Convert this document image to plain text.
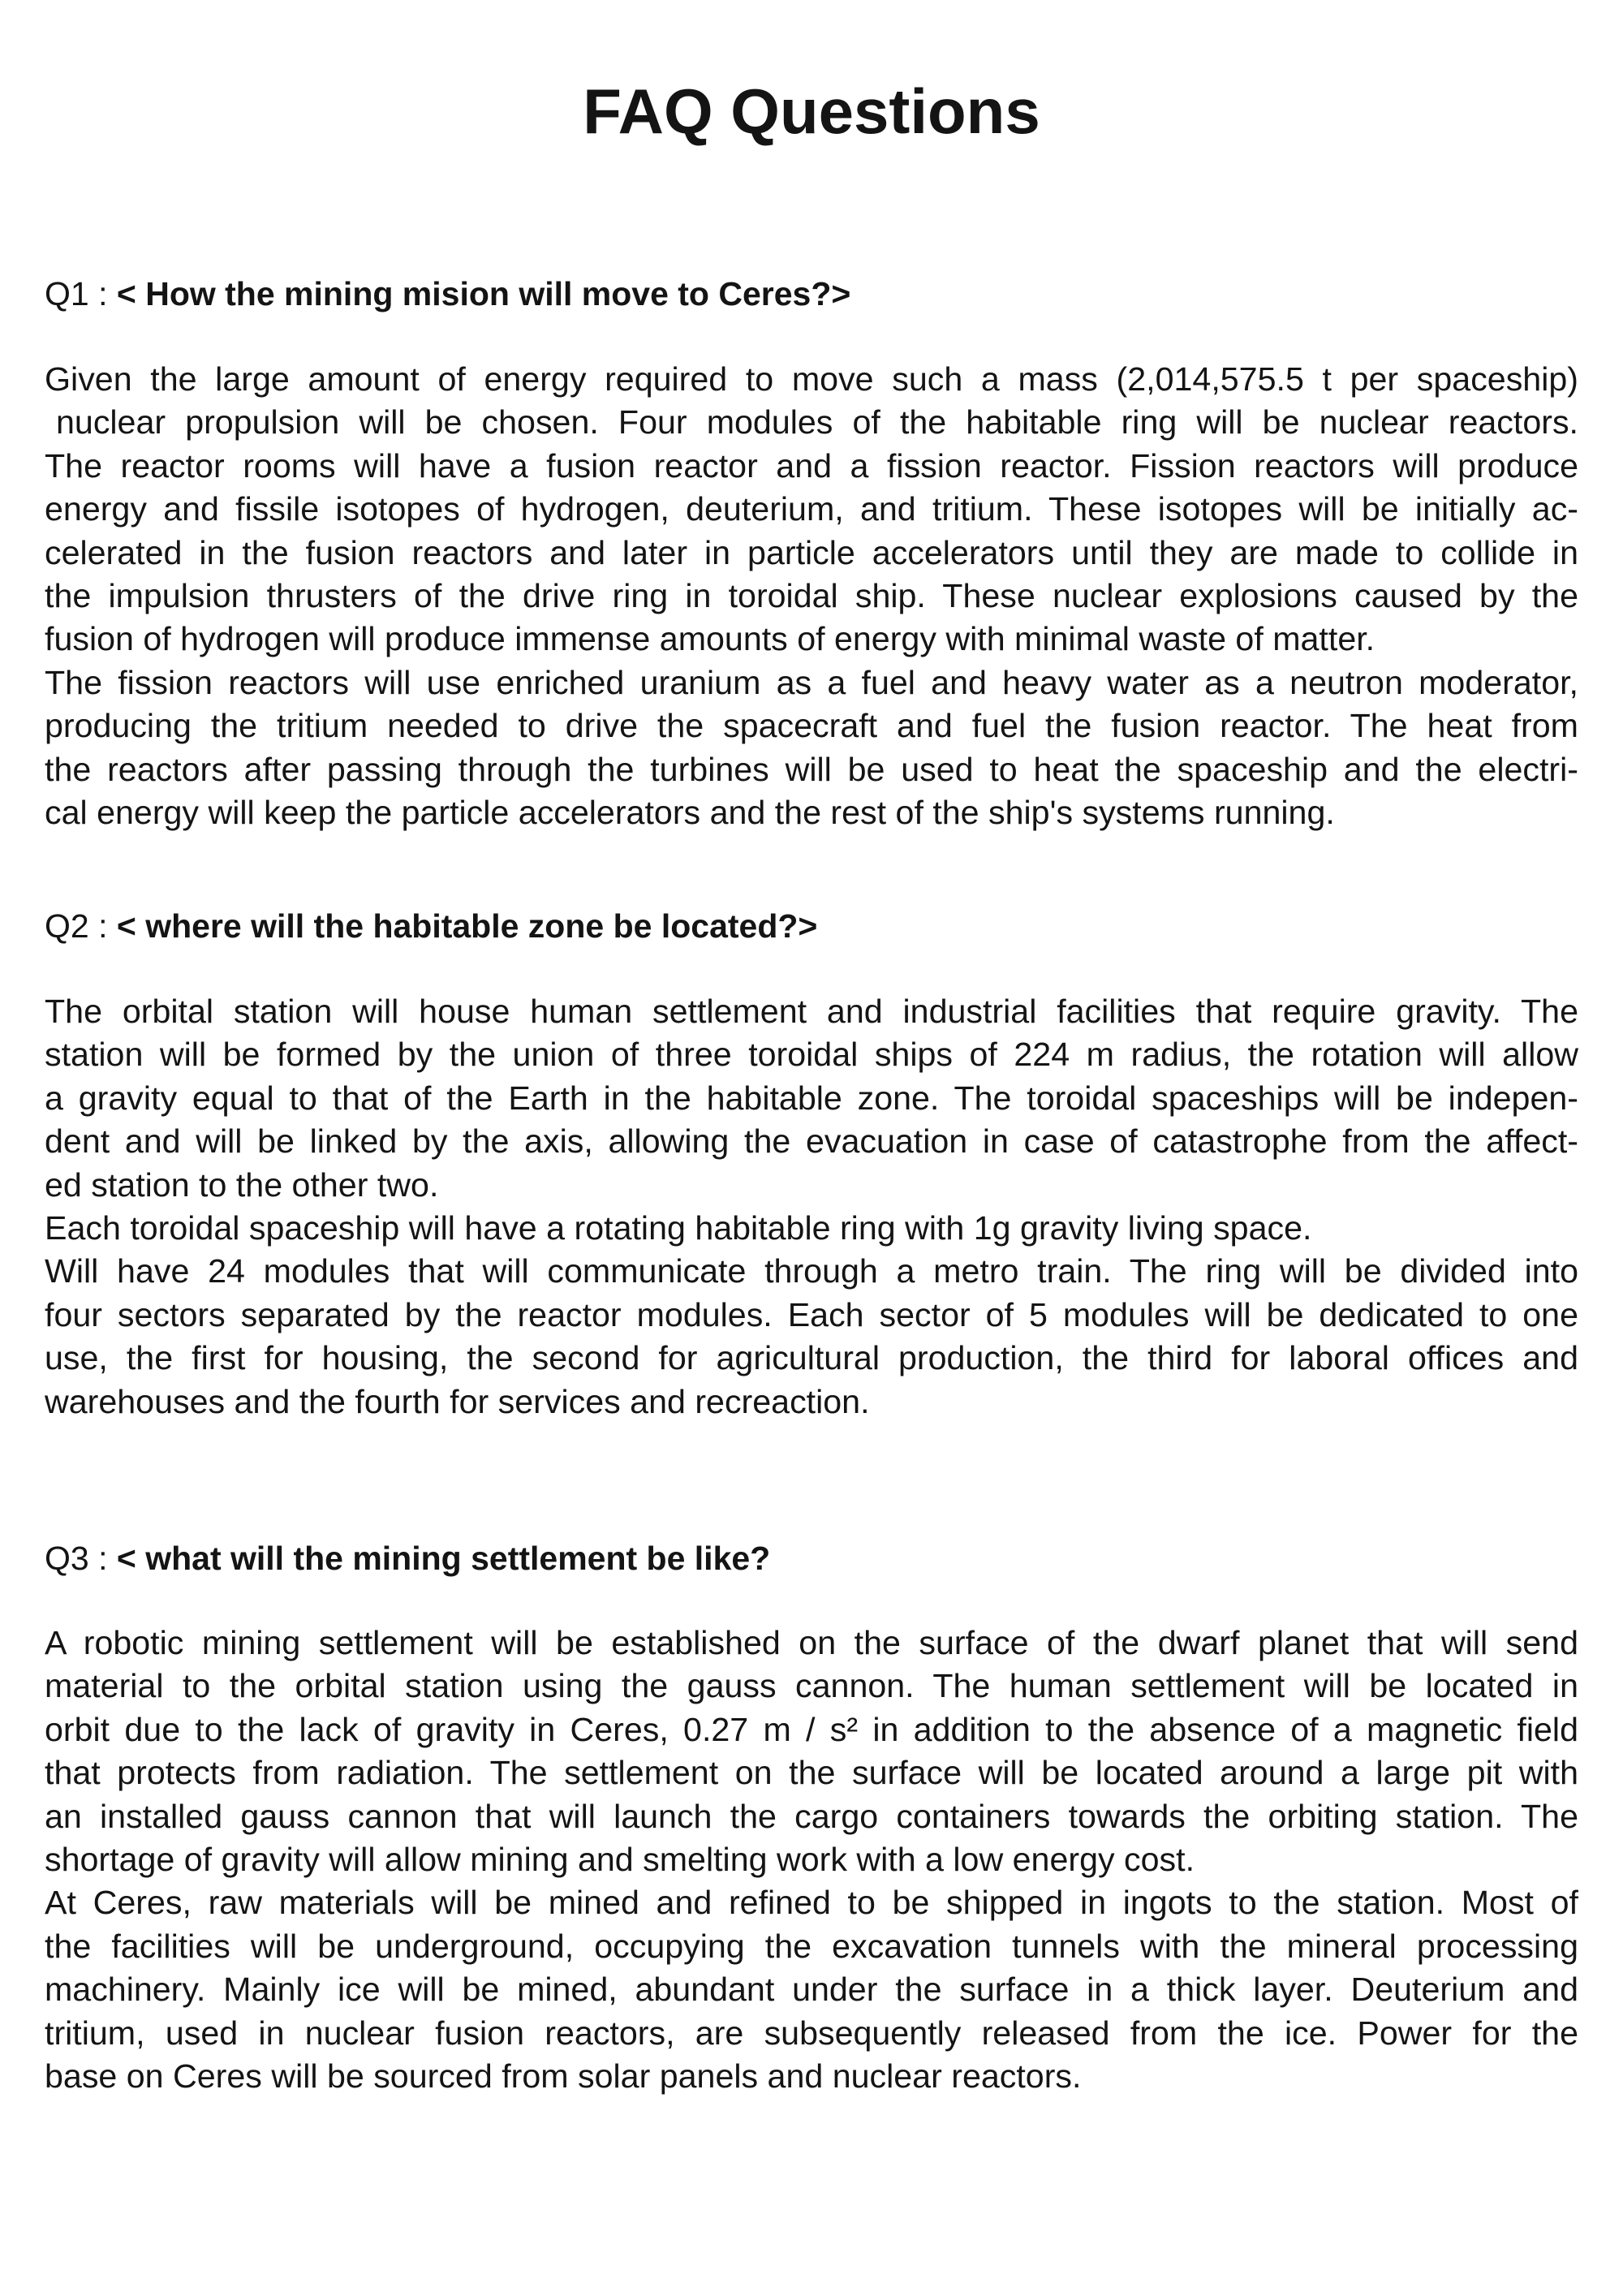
FAQ Questions

Q1 : < How the mining mision will move to Ceres?>

Given the large amount of energy required to move such a mass (2,014,575.5 t per spaceship)
nuclear propulsion will be chosen. Four modules of the habitable ring will be nuclear reactors.
The reactor rooms will have a fusion reactor and a fission reactor. Fission reactors will produce
energy and fissile isotopes of hydrogen, deuterium, and tritium. These isotopes will be initially ac-
celerated in the fusion reactors and later in particle accelerators until they are made to collide in
the impulsion thrusters of the drive ring in toroidal ship. These nuclear explosions caused by the
fusion of hydrogen will produce immense amounts of energy with minimal waste of matter.
The fission reactors will use enriched uranium as a fuel and heavy water as a neutron moderator,
producing the tritium needed to drive the spacecraft and fuel the fusion reactor. The heat from
the reactors after passing through the turbines will be used to heat the spaceship and the electri-
cal energy will keep the particle accelerators and the rest of the ship's systems running.

Q2 : < where will the habitable zone be located?>

The orbital station will house human settlement and industrial facilities that require gravity. The
station will be formed by the union of three toroidal ships of 224 m radius, the rotation will allow
a gravity equal to that of the Earth in the habitable zone. The toroidal spaceships will be indepen-
dent and will be linked by the axis, allowing the evacuation in case of catastrophe from the affect-
ed station to the other two.
Each toroidal spaceship will have a rotating habitable ring with 1g gravity living space.
Will have 24 modules that will communicate through a metro train. The ring will be divided into
four sectors separated by the reactor modules. Each sector of 5 modules will be dedicated to one
use, the first for housing, the second for agricultural production, the third for laboral offices and
warehouses and the fourth for services and recreaction.

Q3 : < what will the mining settlement be like?

A robotic mining settlement will be established on the surface of the dwarf planet that will send
material to the orbital station using the gauss cannon. The human settlement will be located in
orbit due to the lack of gravity in Ceres, 0.27 m / s² in addition to the absence of a magnetic field
that protects from radiation. The settlement on the surface will be located around a large pit with
an installed gauss cannon that will launch the cargo containers towards the orbiting station. The
shortage of gravity will allow mining and smelting work with a low energy cost.
At Ceres, raw materials will be mined and refined to be shipped in ingots to the station. Most of
the facilities will be underground, occupying the excavation tunnels with the mineral processing
machinery. Mainly ice will be mined, abundant under the surface in a thick layer. Deuterium and
tritium, used in nuclear fusion reactors, are subsequently released from the ice. Power for the
base on Ceres will be sourced from solar panels and nuclear reactors.
